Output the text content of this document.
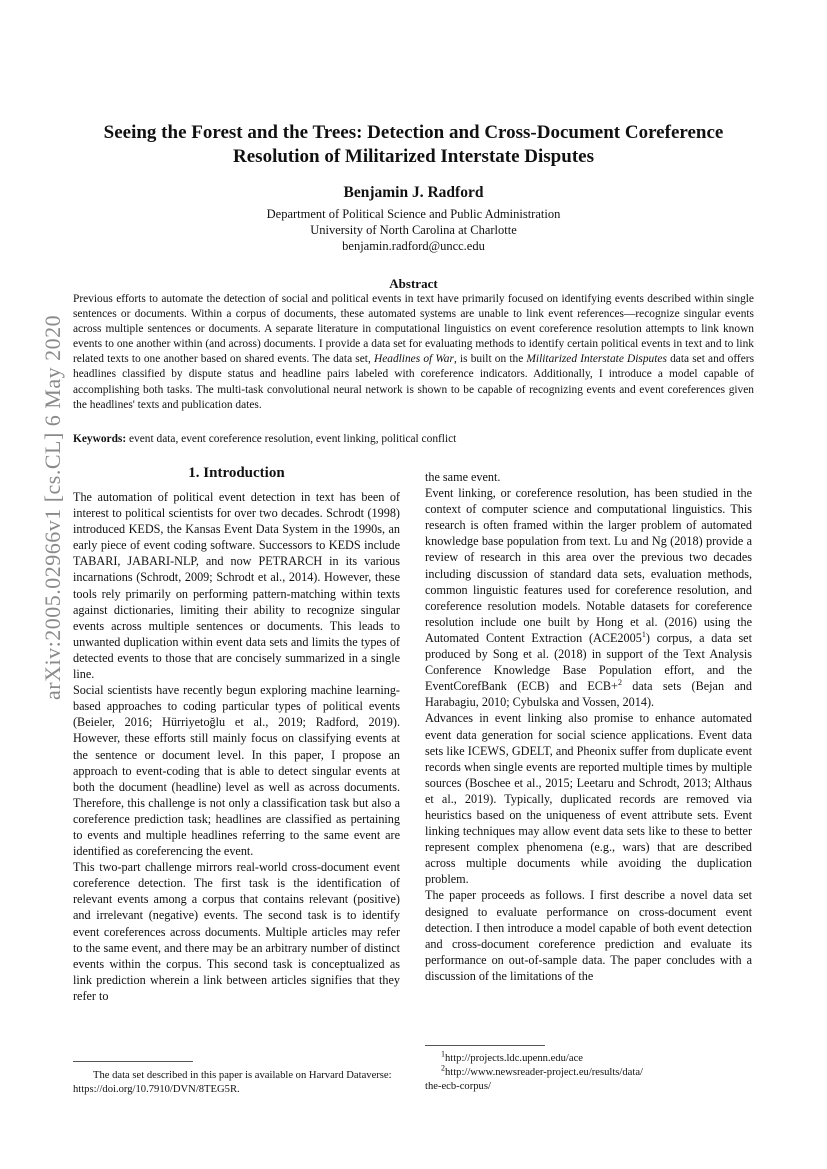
arXiv:2005.02966v1 [cs.CL] 6 May 2020
Seeing the Forest and the Trees: Detection and Cross-Document Coreference
Resolution of Militarized Interstate Disputes
Benjamin J. Radford
Department of Political Science and Public Administration
University of North Carolina at Charlotte
benjamin.radford@uncc.edu
Abstract
Previous efforts to automate the detection of social and political events in text have primarily focused on identifying events described within single sentences or documents. Within a corpus of documents, these automated systems are unable to link event references—recognize singular events across multiple sentences or documents. A separate literature in computational linguistics on event coreference resolution attempts to link known events to one another within (and across) documents. I provide a data set for evaluating methods to identify certain political events in text and to link related texts to one another based on shared events. The data set, Headlines of War, is built on the Militarized Interstate Disputes data set and offers headlines classified by dispute status and headline pairs labeled with coreference indicators. Additionally, I introduce a model capable of accomplishing both tasks. The multi-task convolutional neural network is shown to be capable of recognizing events and event coreferences given the headlines' texts and publication dates.
Keywords: event data, event coreference resolution, event linking, political conflict
1. Introduction

The automation of political event detection in text has been of interest to political scientists for over two decades. Schrodt (1998) introduced KEDS, the Kansas Event Data System in the 1990s, an early piece of event coding software. Successors to KEDS include TABARI, JABARI-NLP, and now PETRARCH in its various incarnations (Schrodt, 2009; Schrodt et al., 2014). However, these tools rely primarily on performing pattern-matching within texts against dictionaries, limiting their ability to recognize singular events across multiple sentences or documents. This leads to unwanted duplication within event data sets and limits the types of detected events to those that are concisely summarized in a single line.

Social scientists have recently begun exploring machine learning-based approaches to coding particular types of political events (Beieler, 2016; Hürriyetoğlu et al., 2019; Radford, 2019). However, these efforts still mainly focus on classifying events at the sentence or document level. In this paper, I propose an approach to event-coding that is able to detect singular events at both the document (headline) level as well as across documents. Therefore, this challenge is not only a classification task but also a coreference prediction task; headlines are classified as pertaining to events and multiple headlines referring to the same event are identified as coreferencing the event.

This two-part challenge mirrors real-world cross-document event coreference detection. The first task is the identification of relevant events among a corpus that contains relevant (positive) and irrelevant (negative) events. The second task is to identify event coreferences across documents. Multiple articles may refer to the same event, and there may be an arbitrary number of distinct events within the corpus. This second task is conceptualized as link prediction wherein a link between articles signifies that they refer to

the same event.

Event linking, or coreference resolution, has been studied in the context of computer science and computational linguistics. This research is often framed within the larger problem of automated knowledge base population from text. Lu and Ng (2018) provide a review of research in this area over the previous two decades including discussion of standard data sets, evaluation methods, common linguistic features used for coreference resolution, and coreference resolution models. Notable datasets for coreference resolution include one built by Hong et al. (2016) using the Automated Content Extraction (ACE2005$^1$) corpus, a data set produced by Song et al. (2018) in support of the Text Analysis Conference Knowledge Base Population effort, and the EventCorefBank (ECB) and ECB+$^2$ data sets (Bejan and Harabagiu, 2010; Cybulska and Vossen, 2014).

Advances in event linking also promise to enhance automated event data generation for social science applications. Event data sets like ICEWS, GDELT, and Pheonix suffer from duplicate event records when single events are reported multiple times by multiple sources (Boschee et al., 2015; Leetaru and Schrodt, 2013; Althaus et al., 2019). Typically, duplicated records are removed via heuristics based on the uniqueness of event attribute sets. Event linking techniques may allow event data sets like to these to better represent complex phenomena (e.g., wars) that are described across multiple documents while avoiding the duplication problem.

The paper proceeds as follows. I first describe a novel data set designed to evaluate performance on cross-document event detection. I then introduce a model capable of both event detection and cross-document coreference prediction and evaluate its performance on out-of-sample data. The paper concludes with a discussion of the limitations of the

The data set described in this paper is available on Harvard Dataverse: https://doi.org/10.7910/DVN/8TEG5R.
$^1$http://projects.ldc.upenn.edu/ace
$^2$http://www.newsreader-project.eu/results/data/
the-ecb-corpus/
